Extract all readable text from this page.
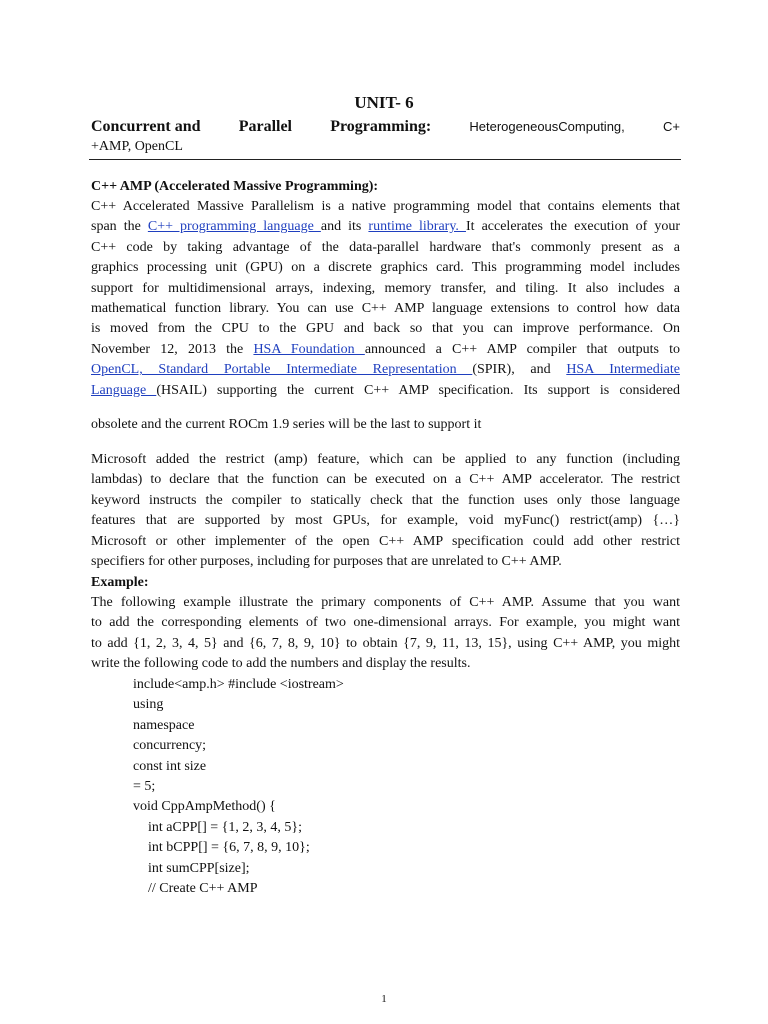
UNIT- 6
Concurrent and Parallel Programming:	HeterogeneousComputing,	C+
+AMP, OpenCL
C++ AMP (Accelerated Massive Programming):
C++ Accelerated Massive Parallelism is a native programming model that contains elements that
span the C++ programming language and its runtime library. It accelerates the execution of your
C++ code by taking advantage of the data-parallel hardware that's commonly present as a
graphics processing unit (GPU) on a discrete graphics card. This programming model includes
support for multidimensional arrays, indexing, memory transfer, and tiling. It also includes a
mathematical function library. You can use C++ AMP language extensions to control how data
is moved from the CPU to the GPU and back so that you can improve performance. On
November 12, 2013 the HSA Foundation announced a C++ AMP compiler that outputs to
OpenCL, Standard Portable Intermediate Representation (SPIR), and HSA Intermediate
Language (HSAIL) supporting the current C++ AMP specification. Its support is considered
obsolete and the current ROCm 1.9 series will be the last to support it
Microsoft added the restrict (amp) feature, which can be applied to any function (including
lambdas) to declare that the function can be executed on a C++ AMP accelerator. The restrict
keyword instructs the compiler to statically check that the function uses only those language
features that are supported by most GPUs, for example, void myFunc() restrict(amp) {…}
Microsoft or other implementer of the open C++ AMP specification could add other restrict
specifiers for other purposes, including for purposes that are unrelated to C++ AMP.
Example:
The following example illustrate the primary components of C++ AMP. Assume that you want
to add the corresponding elements of two one-dimensional arrays. For example, you might want
to add {1, 2, 3, 4, 5} and {6, 7, 8, 9, 10} to obtain {7, 9, 11, 13, 15}, using C++ AMP, you might
write the following code to add the numbers and display the results.
include<amp.h> #include <iostream>
using
namespace
concurrency;
const int size
= 5;
void CppAmpMethod() {
int aCPP[] = {1, 2, 3, 4, 5};
int bCPP[] = {6, 7, 8, 9, 10};
int sumCPP[size];
// Create C++ AMP
1
